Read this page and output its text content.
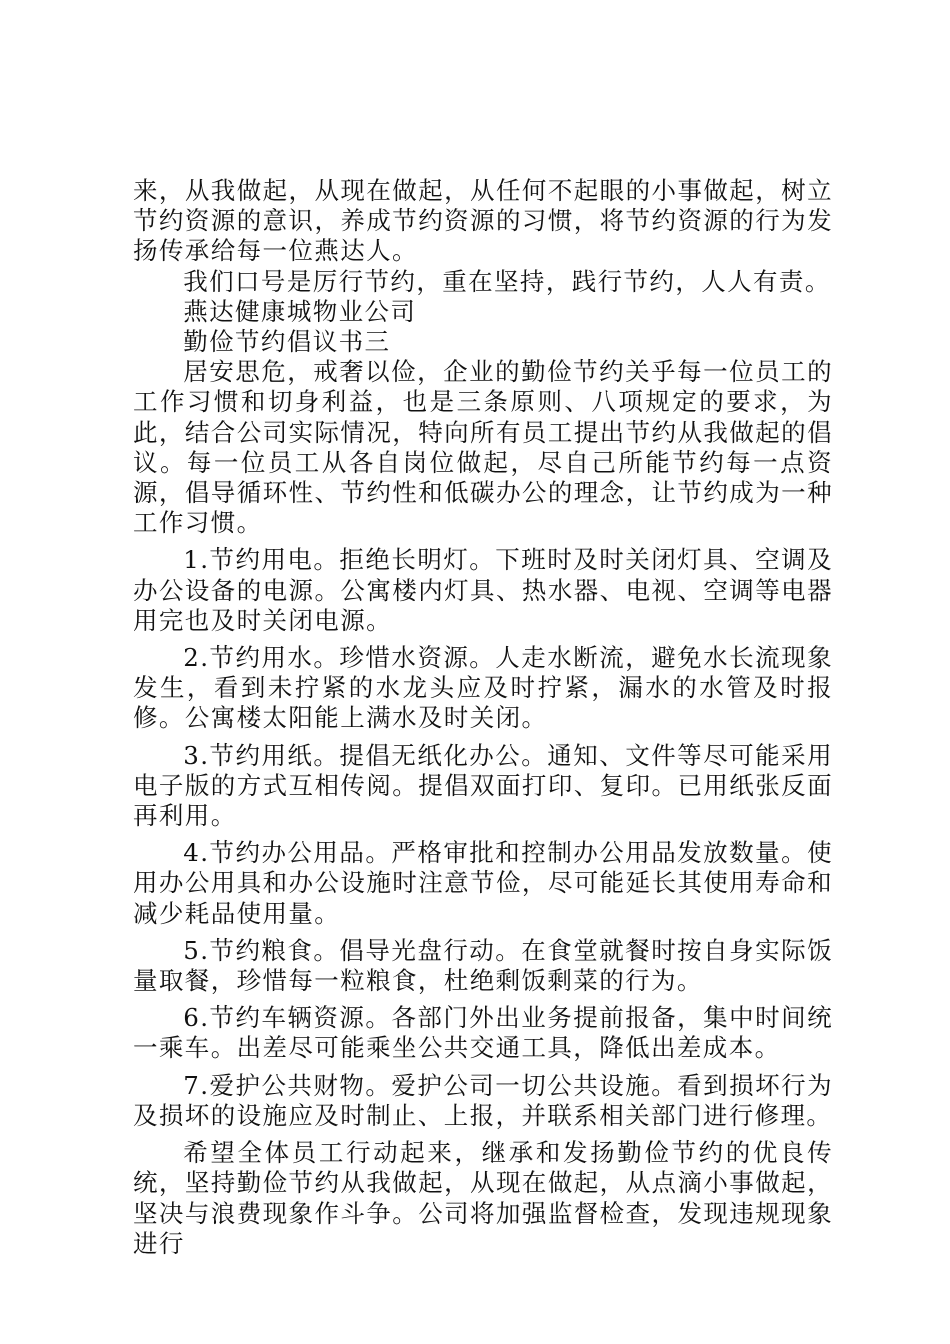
来，从我做起，从现在做起，从任何不起眼的小事做起，树立节约资源的意识，养成节约资源的习惯，将节约资源的行为发扬传承给每一位燕达人。

我们口号是厉行节约，重在坚持，践行节约，人人有责。

燕达健康城物业公司

勤俭节约倡议书三

居安思危，戒奢以俭，企业的勤俭节约关乎每一位员工的工作习惯和切身利益，也是三条原则、八项规定的要求，为此，结合公司实际情况，特向所有员工提出节约从我做起的倡议。每一位员工从各自岗位做起，尽自己所能节约每一点资源，倡导循环性、节约性和低碳办公的理念，让节约成为一种工作习惯。

1.节约用电。拒绝长明灯。下班时及时关闭灯具、空调及办公设备的电源。公寓楼内灯具、热水器、电视、空调等电器用完也及时关闭电源。

2.节约用水。珍惜水资源。人走水断流，避免水长流现象发生，看到未拧紧的水龙头应及时拧紧，漏水的水管及时报修。公寓楼太阳能上满水及时关闭。

3.节约用纸。提倡无纸化办公。通知、文件等尽可能采用电子版的方式互相传阅。提倡双面打印、复印。已用纸张反面再利用。

4.节约办公用品。严格审批和控制办公用品发放数量。使用办公用具和办公设施时注意节俭，尽可能延长其使用寿命和减少耗品使用量。

5.节约粮食。倡导光盘行动。在食堂就餐时按自身实际饭量取餐，珍惜每一粒粮食，杜绝剩饭剩菜的行为。

6.节约车辆资源。各部门外出业务提前报备，集中时间统一乘车。出差尽可能乘坐公共交通工具，降低出差成本。

7.爱护公共财物。爱护公司一切公共设施。看到损坏行为及损坏的设施应及时制止、上报，并联系相关部门进行修理。

希望全体员工行动起来，继承和发扬勤俭节约的优良传统，坚持勤俭节约从我做起，从现在做起，从点滴小事做起，坚决与浪费现象作斗争。公司将加强监督检查，发现违规现象进行
